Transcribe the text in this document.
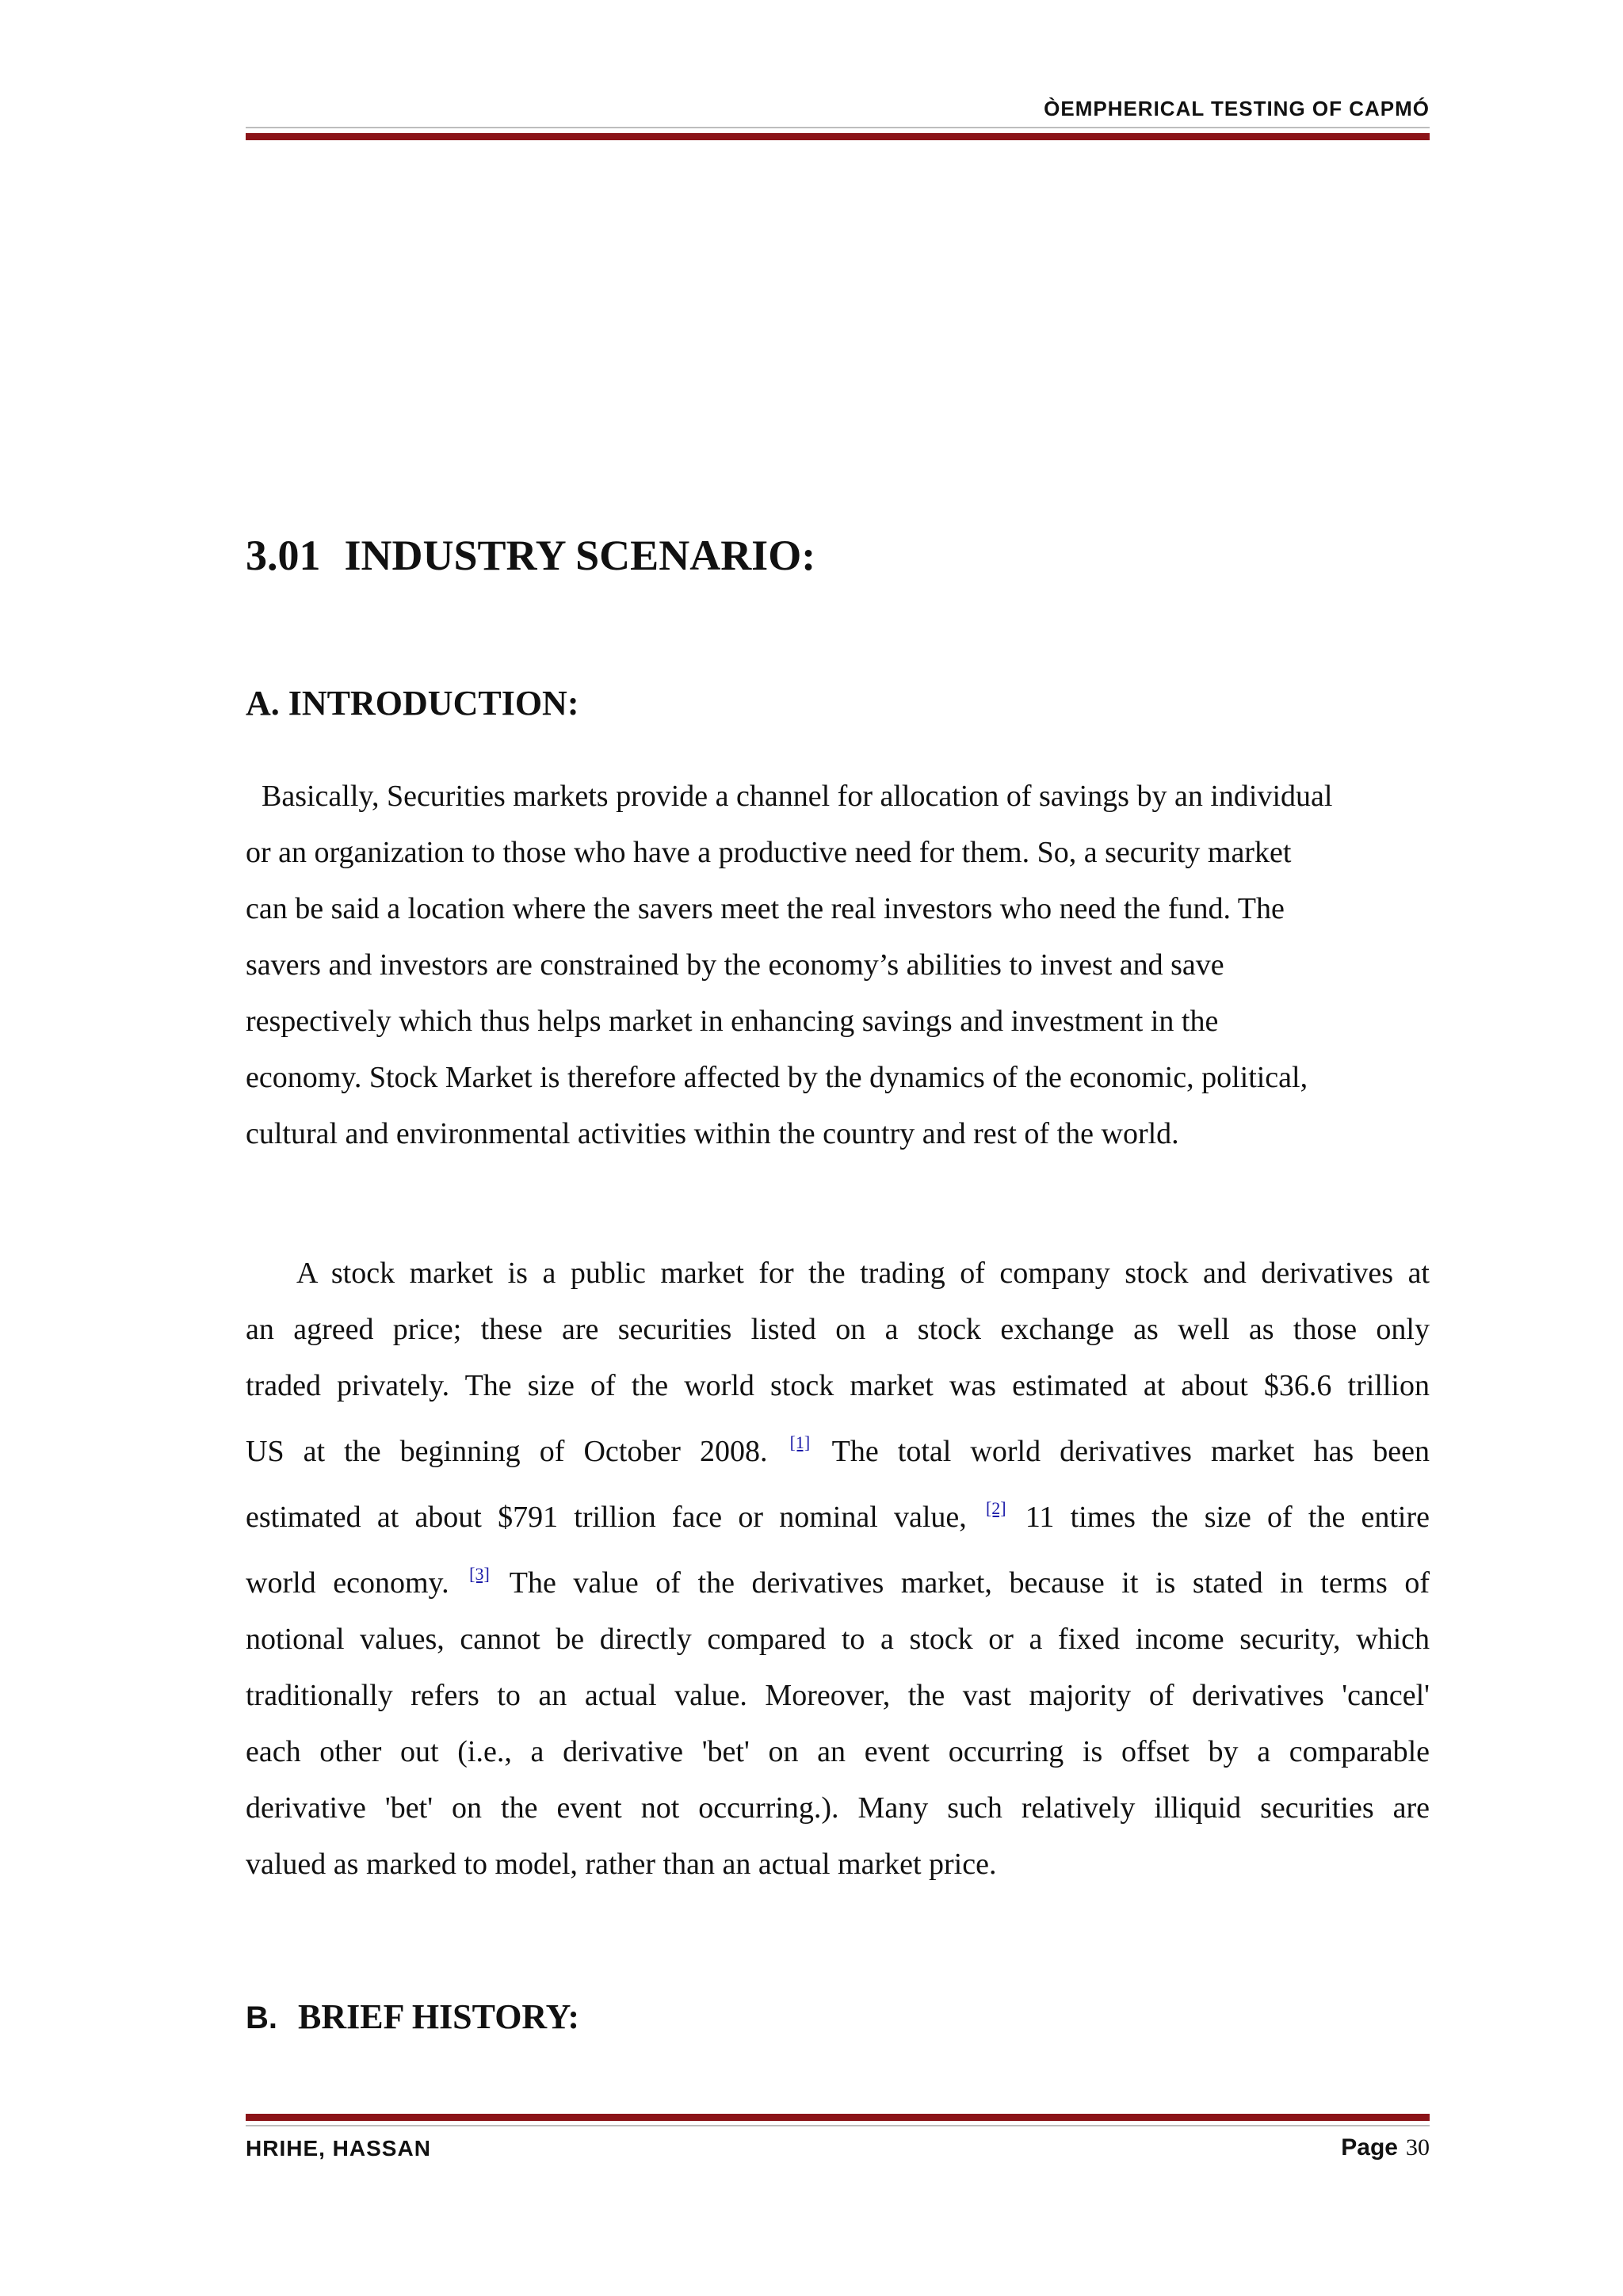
ÒEMPHERICAL TESTING OF CAPMÓ
3.01 INDUSTRY SCENARIO:
A. INTRODUCTION:
Basically, Securities markets provide a channel for allocation of savings by an individual
or an organization to those who have a productive need for them. So, a security market
can be said a location where the savers meet the real investors who need the fund. The
savers and investors are constrained by the economy’s abilities to invest and save
respectively which thus helps market in enhancing savings and investment in the
economy. Stock Market is therefore affected by the dynamics of the economic, political,
cultural and environmental activities within the country and rest of the world.
A stock market is a public market for the trading of company stock and derivatives at
an agreed price; these are securities listed on a stock exchange as well as those only
traded privately. The size of the world stock market was estimated at about $36.6 trillion
US at the beginning of October 2008. [1] The total world derivatives market has been
estimated at about $791 trillion face or nominal value, [2] 11 times the size of the entire
world economy. [3] The value of the derivatives market, because it is stated in terms of
notional values, cannot be directly compared to a stock or a fixed income security, which
traditionally refers to an actual value. Moreover, the vast majority of derivatives 'cancel'
each other out (i.e., a derivative 'bet' on an event occurring is offset by a comparable
derivative 'bet' on the event not occurring.). Many such relatively illiquid securities are
valued as marked to model, rather than an actual market price.
B. BRIEF HISTORY:
HRIHE, HASSAN	Page 30
